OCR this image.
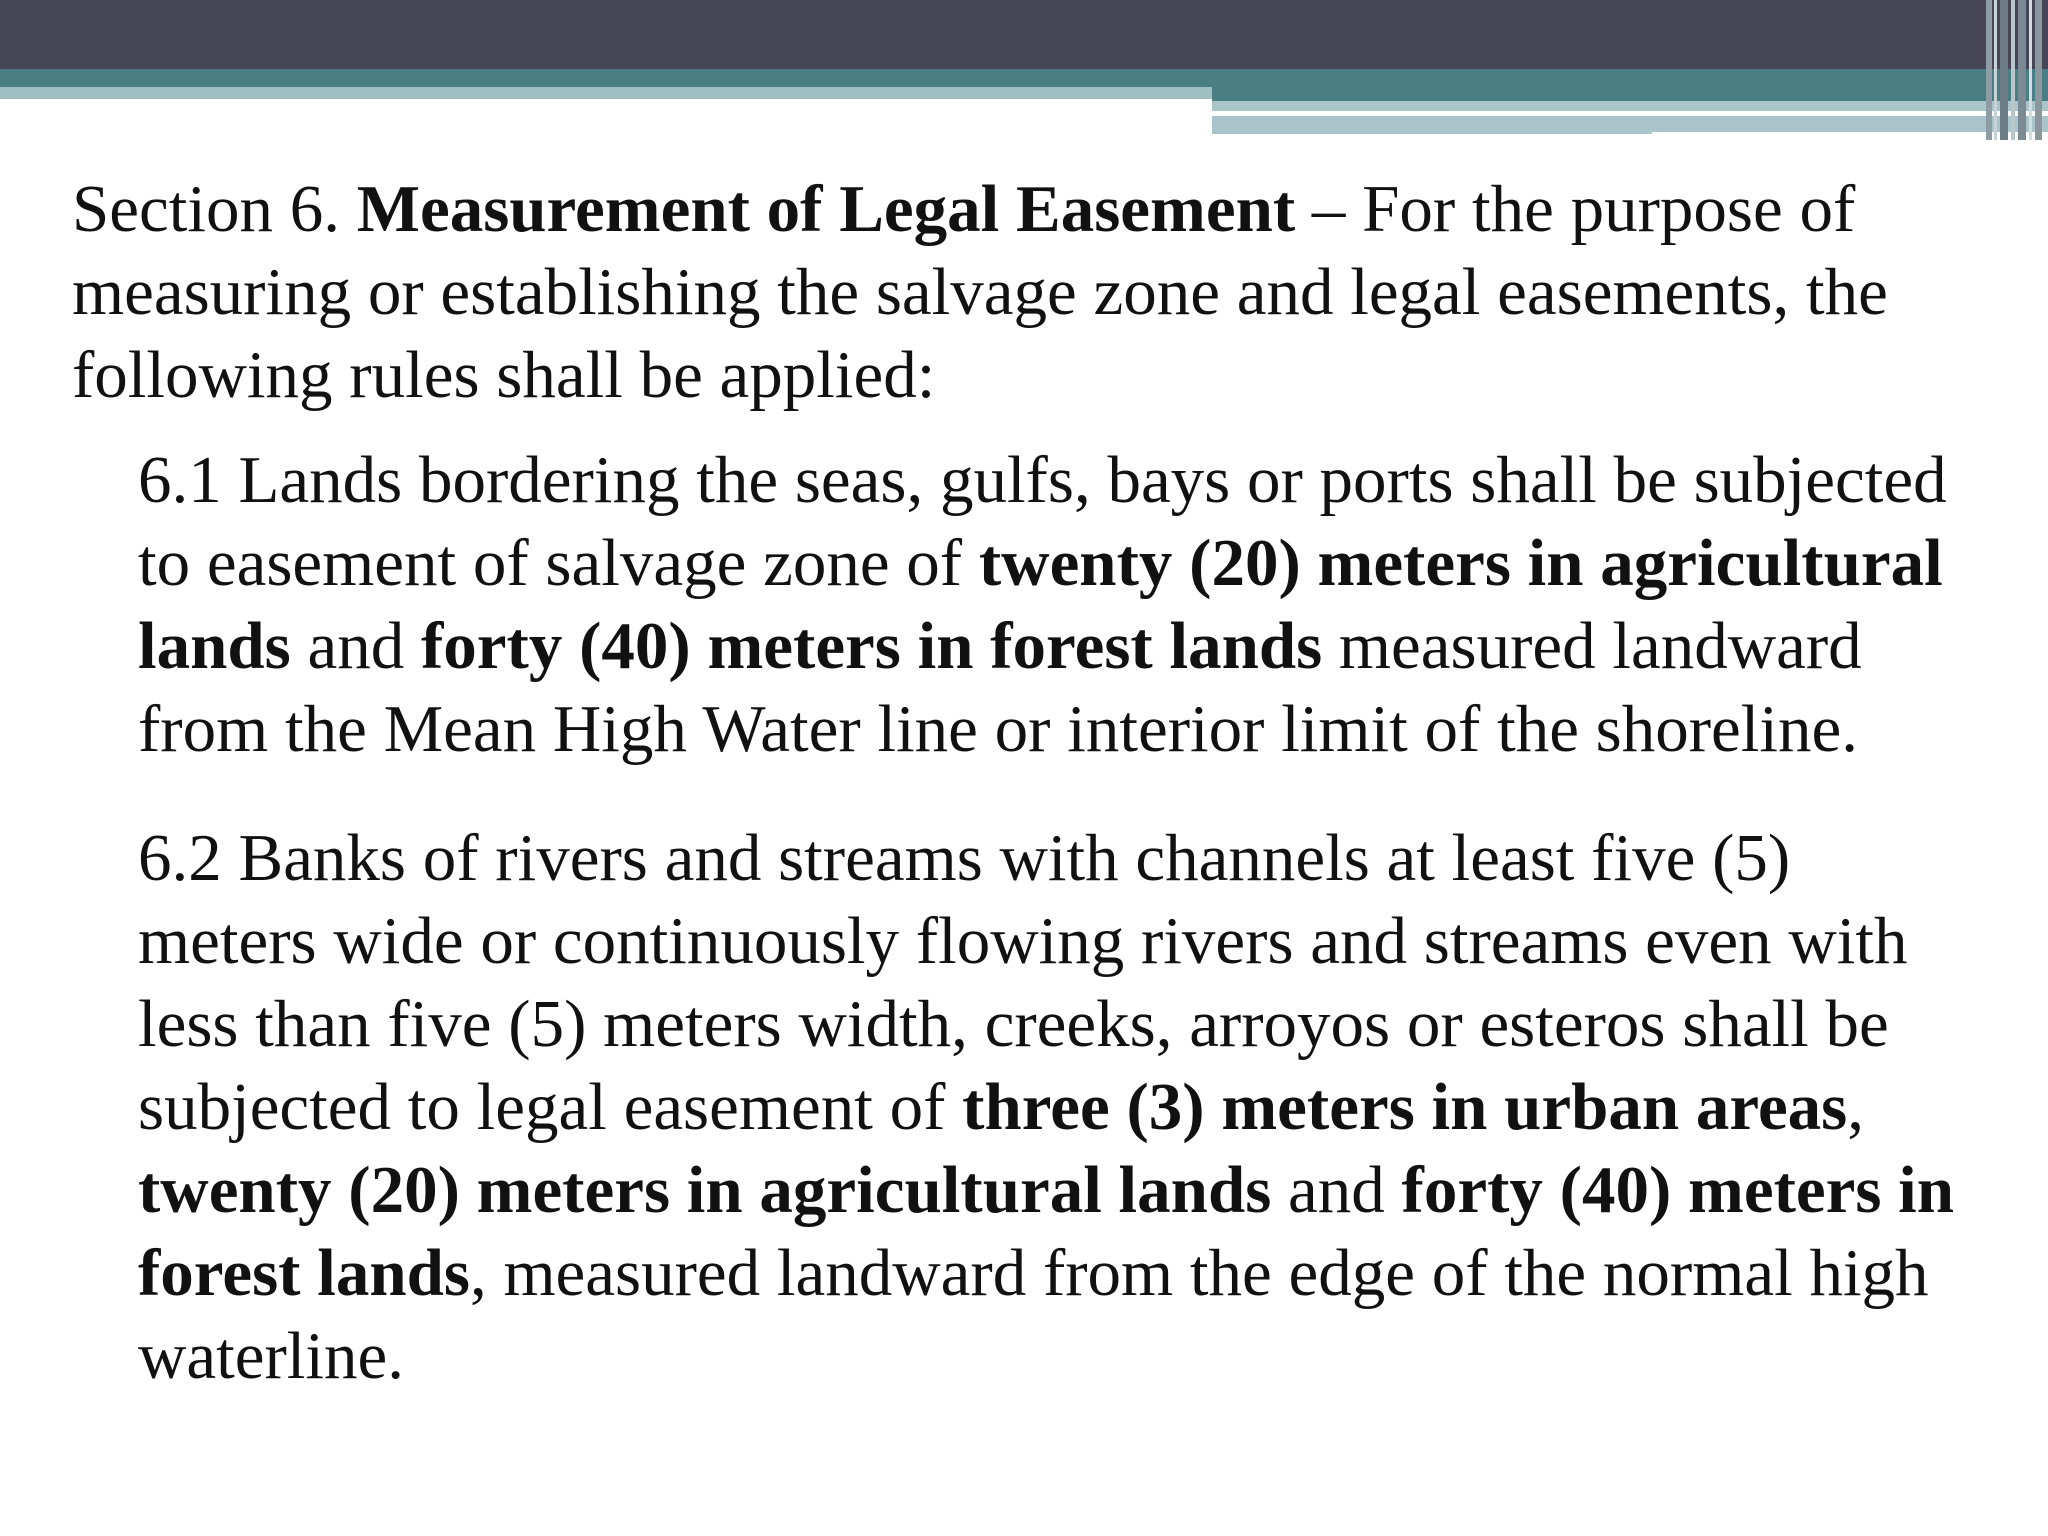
Section 6. Measurement of Legal Easement – For the purpose of measuring or establishing the salvage zone and legal easements, the following rules shall be applied:

6.1 Lands bordering the seas, gulfs, bays or ports shall be subjected to easement of salvage zone of twenty (20) meters in agricultural lands and forty (40) meters in forest lands measured landward from the Mean High Water line or interior limit of the shoreline.
6.2 Banks of rivers and streams with channels at least five (5) meters wide or continuously flowing rivers and streams even with less than five (5) meters width, creeks, arroyos or esteros shall be subjected to legal easement of three (3) meters in urban areas, twenty (20) meters in agricultural lands and forty (40) meters in forest lands, measured landward from the edge of the normal high waterline.
